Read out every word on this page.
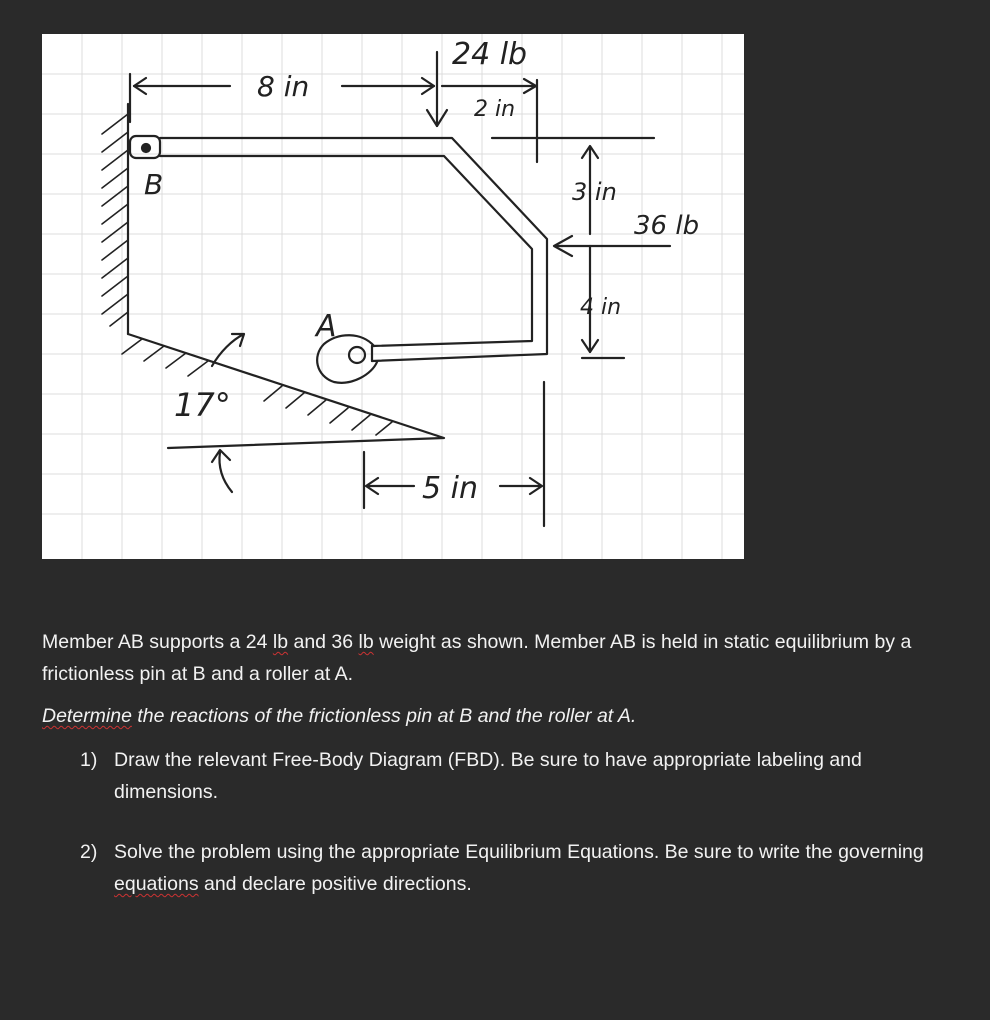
24 lb
8 in
2 in
B	3 in
36 lb
4 in
A
17°
5 in

Member AB supports a 24 lb and 36 lb weight as shown. Member AB is held in static equilibrium by a frictionless pin at B and a roller at A.

Determine the reactions of the frictionless pin at B and the roller at A.

1) Draw the relevant Free-Body Diagram (FBD). Be sure to have appropriate labeling and dimensions.
2) Solve the problem using the appropriate Equilibrium Equations. Be sure to write the governing equations and declare positive directions.
